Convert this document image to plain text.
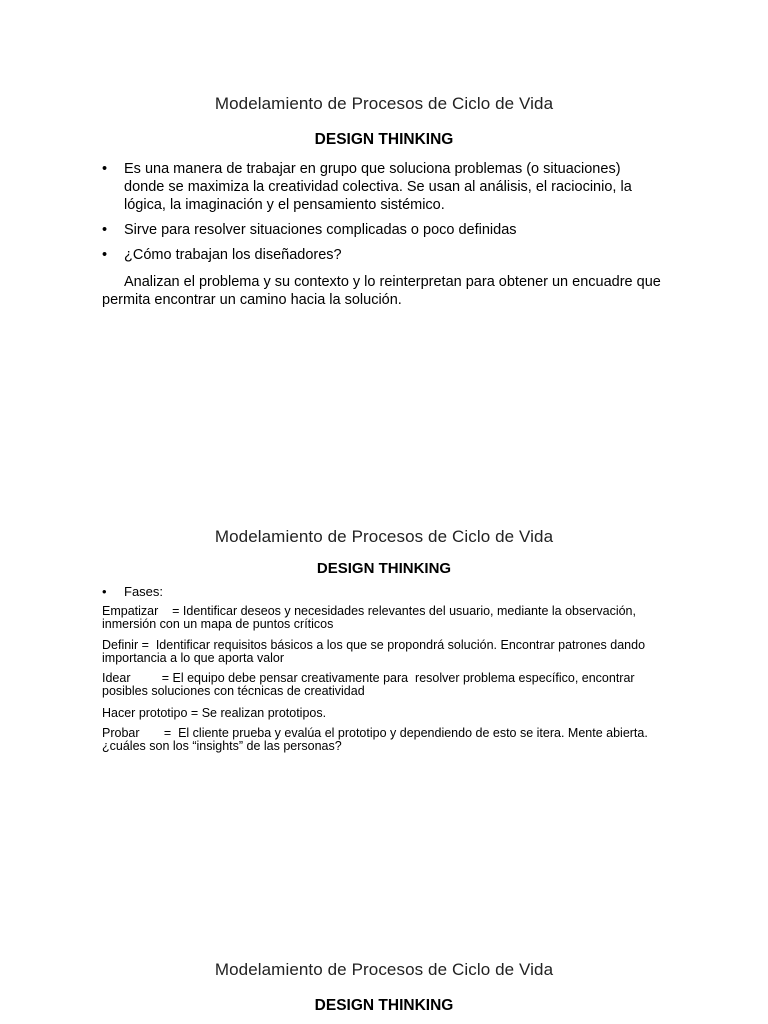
Modelamiento de Procesos de Ciclo de Vida
DESIGN THINKING
• Es una manera de trabajar en grupo que soluciona problemas (o situaciones) donde se maximiza la creatividad colectiva. Se usan al análisis, el raciocinio, la lógica, la imaginación y el pensamiento sistémico.
• Sirve para resolver situaciones complicadas o poco definidas
• ¿Cómo trabajan los diseñadores?

Analizan el problema y su contexto y lo reinterpretan para obtener un encuadre que permita encontrar un camino hacia la solución.

Modelamiento de Procesos de Ciclo de Vida
DESIGN THINKING
• Fases:

Empatizar    = Identificar deseos y necesidades relevantes del usuario, mediante la observación, inmersión con un mapa de puntos críticos

Definir =  Identificar requisitos básicos a los que se propondrá solución. Encontrar patrones dando importancia a lo que aporta valor

Idear         = El equipo debe pensar creativamente para  resolver problema específico, encontrar posibles soluciones con técnicas de creatividad

Hacer prototipo = Se realizan prototipos.

Probar       =  El cliente prueba y evalúa el prototipo y dependiendo de esto se itera. Mente abierta. ¿cuáles son los “insights” de las personas?

Modelamiento de Procesos de Ciclo de Vida
DESIGN THINKING
